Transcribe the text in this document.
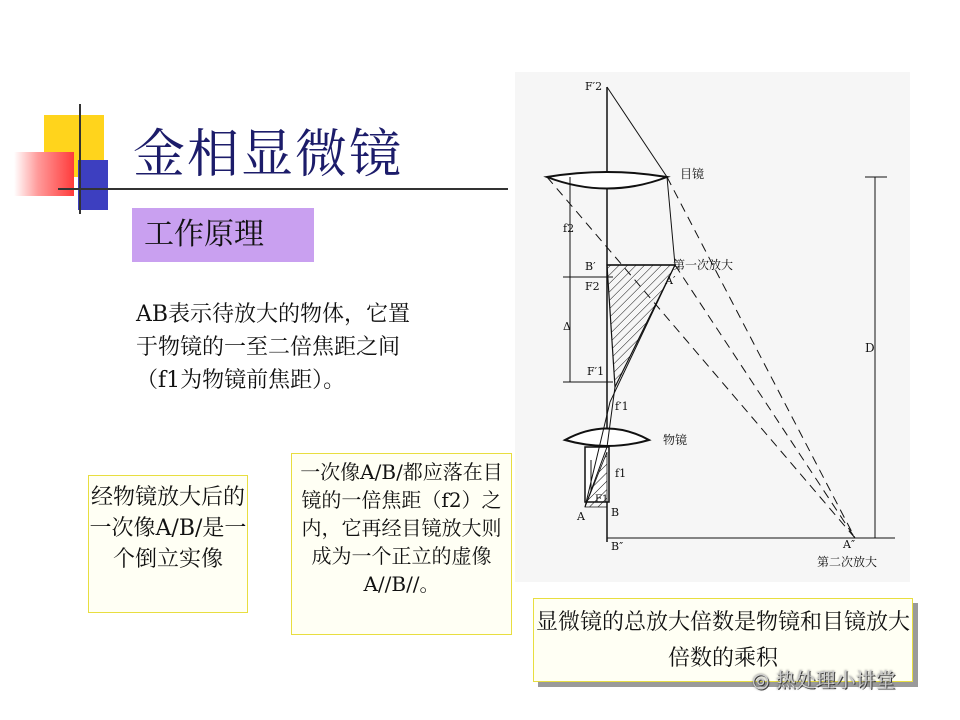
金相显微镜
工作原理
AB表示待放大的物体，它置于物镜的一至二倍焦距之间（f1为物镜前焦距）。
经物镜放大后的一次像A/B/是一个倒立实像
一次像A/B/都应落在目镜的一倍焦距（f2）之内，它再经目镜放大则成为一个正立的虚像A//B//。
显微镜的总放大倍数是物镜和目镜放大倍数的乘积
F′2
目镜
B′
F2
第一次放大
A′
f2
Δ
F′1
f′1
物镜
f1
F1
A B
B″	A″
第二次放大
D
◎ 热处理小讲堂
